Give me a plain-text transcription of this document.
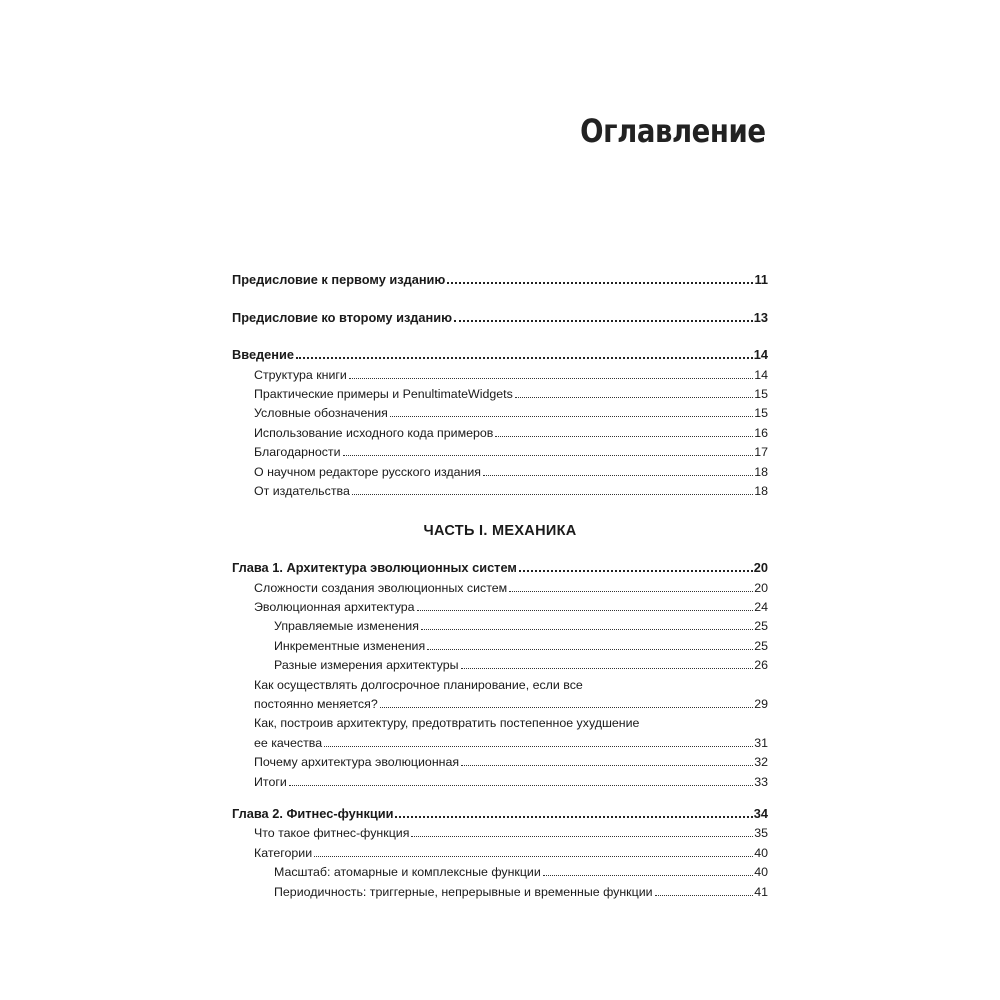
Оглавление
Предисловие к первому изданию	11
Предисловие ко второму изданию	13
Введение	14
Структура книги	14
Практические примеры и PenultimateWidgets	15
Условные обозначения	15
Использование исходного кода примеров	16
Благодарности	17
О научном редакторе русского издания	18
От издательства	18
ЧАСТЬ I. МЕХАНИКА
Глава 1. Архитектура эволюционных систем	20
Сложности создания эволюционных систем	20
Эволюционная архитектура	24
Управляемые изменения	25
Инкрементные изменения	25
Разные измерения архитектуры	26
Как осуществлять долгосрочное планирование, если все
постоянно меняется?	29
Как, построив архитектуру, предотвратить постепенное ухудшение
ее качества	31
Почему архитектура эволюционная	32
Итоги	33
Глава 2. Фитнес-функции	34
Что такое фитнес-функция	35
Категории	40
Масштаб: атомарные и комплексные функции	40
Периодичность: триггерные, непрерывные и временные функции	41
